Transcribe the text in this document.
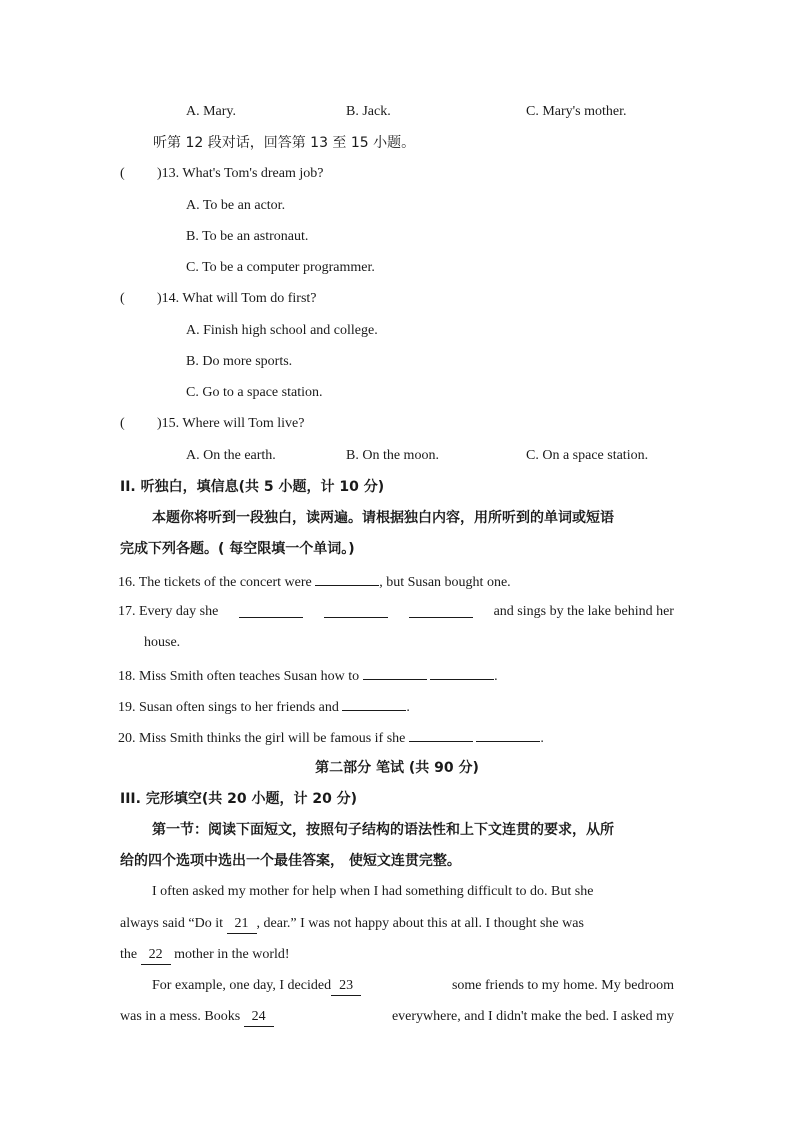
A. Mary.	B. Jack.	C. Mary's mother.
听第 12 段对话，回答第 13 至 15 小题。
( )13. What's Tom's dream job?
A. To be an actor.
B. To be an astronaut.
C. To be a computer programmer.
( )14. What will Tom do first?
A. Finish high school and college.
B. Do more sports.
C. Go to a space station.
( )15. Where will Tom live?
A. On the earth.	B. On the moon.	C. On a space station.
II. 听独白，填信息(共 5 小题，计 10 分)
本题你将听到一段独白，读两遍。请根据独白内容，用所听到的单词或短语
完成下列各题。( 每空限填一个单词。)
16. The tickets of the concert were	, but Susan bought one.
17. Every day she	and sings by the lake behind her
house.
18. Miss Smith often teaches Susan how to	.
19. Susan often sings to her friends and	.
20. Miss Smith thinks the girl will be famous if she	.
第二部分 笔试 (共 90 分)
III. 完形填空(共 20 小题，计 20 分)
第一节：阅读下面短文，按照句子结构的语法性和上下文连贯的要求，从所
给的四个选项中选出一个最佳答案， 使短文连贯完整。
I often asked my mother for help when I had something difficult to do. But she
always said “Do it 21 , dear.” I was not happy about this at all. I thought she was
the 22 mother in the world!
For example, one day, I decided 23	some friends to my home. My bedroom
was in a mess. Books 24	everywhere, and I didn't make the bed. I asked my
